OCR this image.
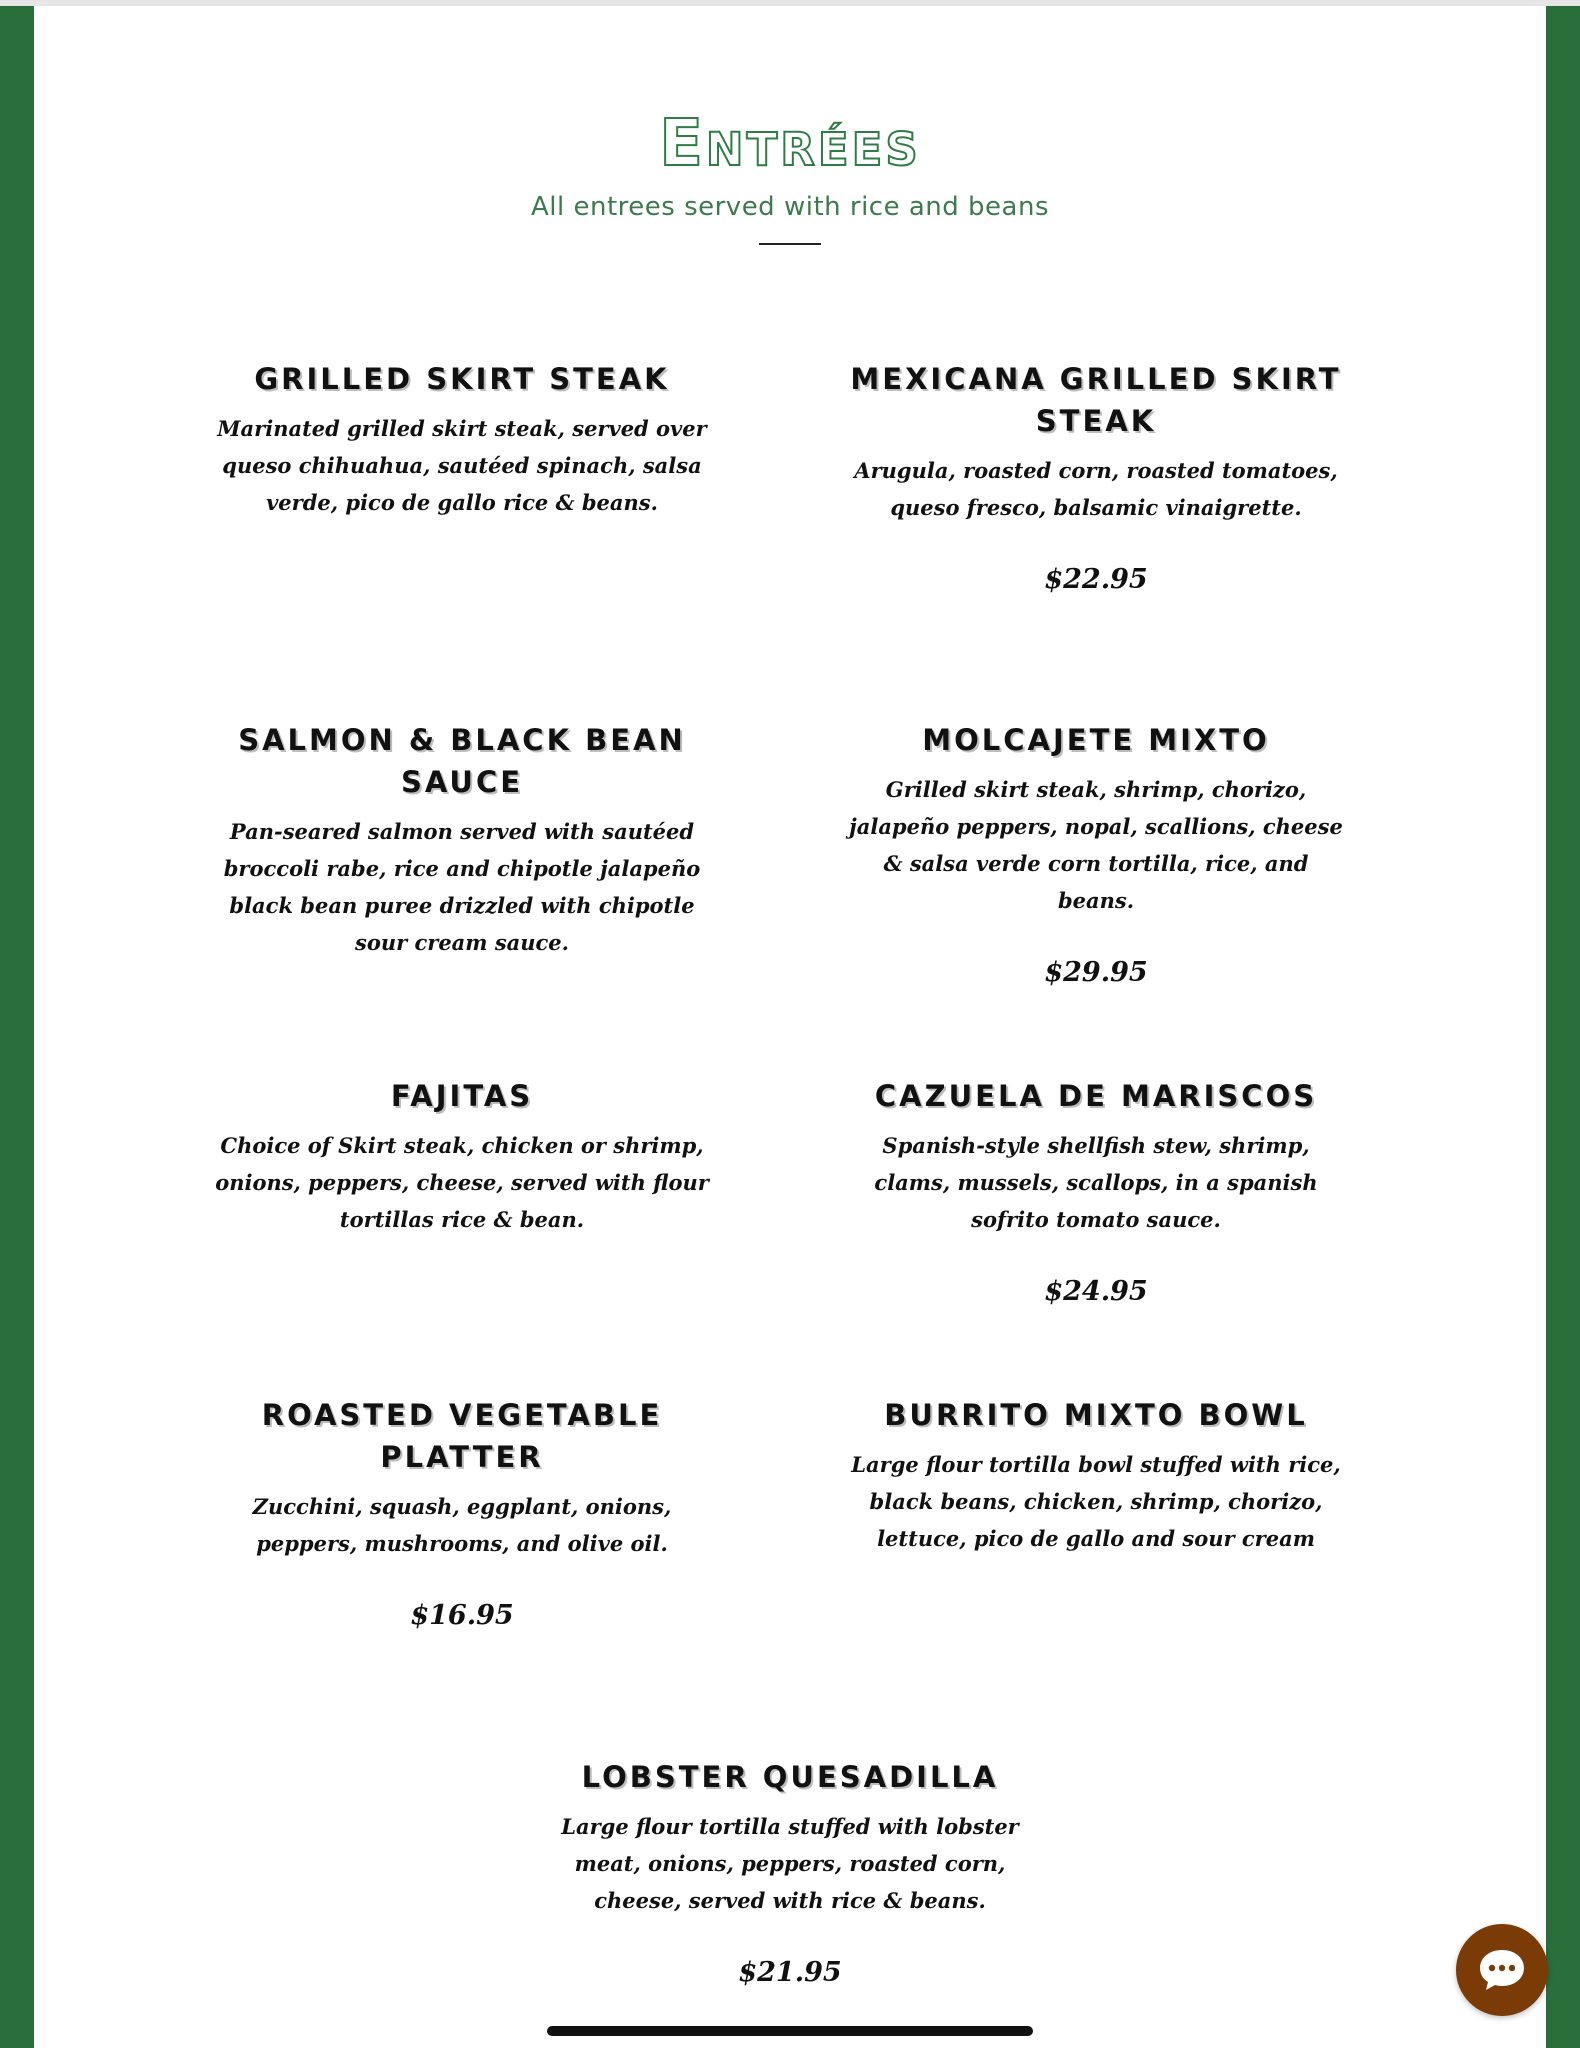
Entrées
All entrees served with rice and beans
GRILLED SKIRT STEAK

Marinated grilled skirt steak, served over queso chihuahua, sautéed spinach, salsa verde, pico de gallo rice & beans.

MEXICANA GRILLED SKIRT STEAK

Arugula, roasted corn, roasted tomatoes, queso fresco, balsamic vinaigrette.

$22.95

SALMON & BLACK BEAN SAUCE

Pan-seared salmon served with sautéed broccoli rabe, rice and chipotle jalapeño black bean puree drizzled with chipotle sour cream sauce.

MOLCAJETE MIXTO

Grilled skirt steak, shrimp, chorizo, jalapeño peppers, nopal, scallions, cheese & salsa verde corn tortilla, rice, and beans.

$29.95

FAJITAS

Choice of Skirt steak, chicken or shrimp, onions, peppers, cheese, served with flour tortillas rice & bean.

CAZUELA DE MARISCOS

Spanish-style shellfish stew, shrimp, clams, mussels, scallops, in a spanish sofrito tomato sauce.

$24.95

ROASTED VEGETABLE PLATTER

Zucchini, squash, eggplant, onions, peppers, mushrooms, and olive oil.

$16.95

BURRITO MIXTO BOWL

Large flour tortilla bowl stuffed with rice, black beans, chicken, shrimp, chorizo, lettuce, pico de gallo and sour cream

LOBSTER QUESADILLA

Large flour tortilla stuffed with lobster meat, onions, peppers, roasted corn, cheese, served with rice & beans.

$21.95
